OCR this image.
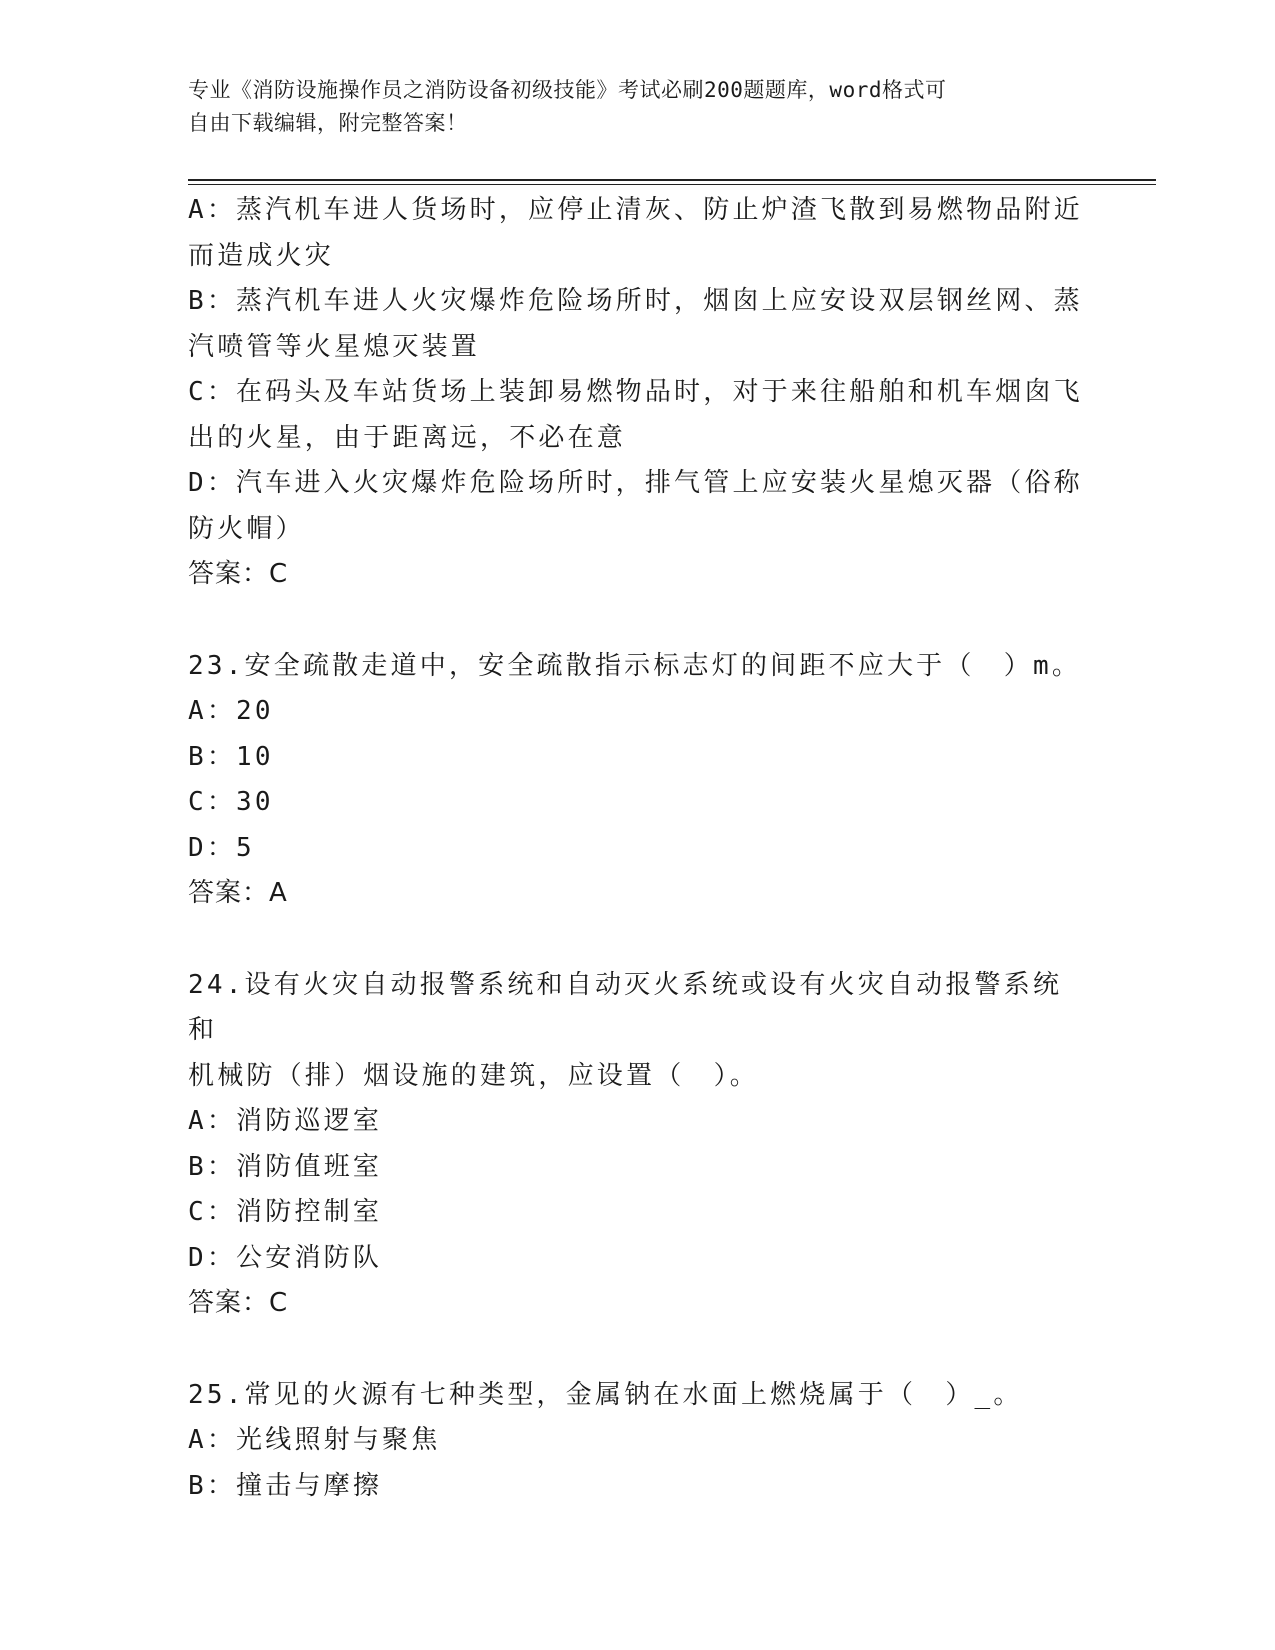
专业《消防设施操作员之消防设备初级技能》考试必刷200题题库，word格式可
自由下载编辑，附完整答案！

A：蒸汽机车进人货场时，应停止清灰、防止炉渣飞散到易燃物品附近

而造成火灾

B：蒸汽机车进人火灾爆炸危险场所时，烟囱上应安设双层钢丝网、蒸

汽喷管等火星熄灭装置

C：在码头及车站货场上装卸易燃物品时，对于来往船舶和机车烟囱飞

出的火星，由于距离远，不必在意

D：汽车进入火灾爆炸危险场所时，排气管上应安装火星熄灭器（俗称

防火帽）

答案：C

23.安全疏散走道中，安全疏散指示标志灯的间距不应大于（　）m。

A：20

B：10

C：30

D：5

答案：A

24.设有火灾自动报警系统和自动灭火系统或设有火灾自动报警系统和

机械防（排）烟设施的建筑，应设置（　）。

A：消防巡逻室

B：消防值班室

C：消防控制室

D：公安消防队

答案：C

25.常见的火源有七种类型，金属钠在水面上燃烧属于（　）_。

A：光线照射与聚焦

B：撞击与摩擦
